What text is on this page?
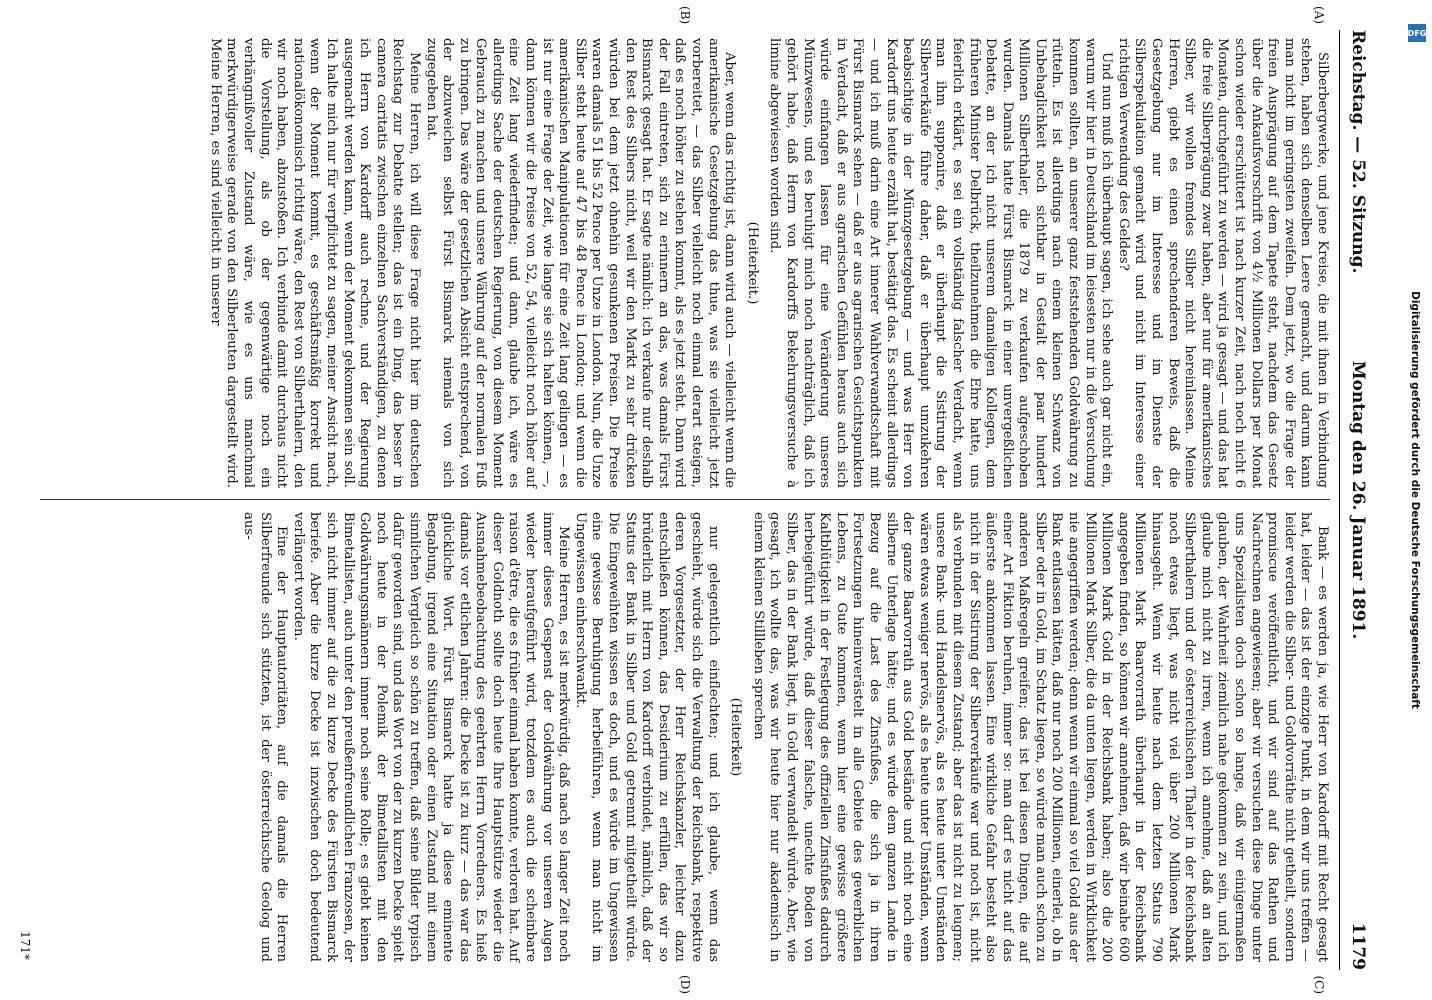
Reichstag. — 52. Sitzung.
Montag den 26. Januar 1891.
1179
(A)
(B)
(C)
(D)

Silberbergwerke, und jene Kreise, die mit ihnen in Verbindung stehen, haben sich denselben Leere gemacht, und darum kann man nicht im geringsten zweifeln. Dem jetzt, wo die Frage der freien Ausprägung auf dem Tapete steht, nachdem das Gesetz über die Ankaufsvorschrift von 4½ Millionen Dollars per Monat schon wieder erschüttert ist nach kurzer Zeit, nach noch nicht 6 Monaten, durchgeführt zu werden — wird ja gesagt — und das hat die freie Silberprägung zwar haben, aber nur für amerikanisches Silber, wir wollen fremdes Silber nicht hereinlassen. Meine Herren, giebt es einen sprechenderen Beweis, daß die Gesetzgebung nur im Interesse und im Dienste der Silberspekulation gemacht wird und nicht im Interesse einer richtigen Verwendung des Geldes?

Und nun muß ich überhaupt sagen, ich sehe auch gar nicht ein, warum wir hier in Deutschland im leisesten nur in die Versuchung kommen sollten, an unserer ganz feststehenden Goldwährung zu rütteln. Es ist allerdings nach einem kleinen Schwanz von Unbehaglichkeit noch sichtbar in Gestalt der paar hundert Millionen Silberthaler, die 1879 zu verkaufen aufgeschoben wurden. Damals hatte Fürst Bismarck in einer unvergeßlichen Debatte, an der ich nicht unserem damaligen Kollegen, dem früheren Minister Delbrück, theilzunehmen die Ehre hatte, uns feierlich erklärt, es sei ein vollständig falscher Verdacht, wenn man ihm supponire, daß er überhaupt die Sistirung der Silberverkäufe führe daher, daß er überhaupt umzukehren beabsichtige in der Münzgesetzgebung — und was Herr von Kardorff uns heute erzählt hat, bestätigt das. Es scheint allerdings — und ich muß darin eine Art innerer Wahlverwandtschaft mit Fürst Bismarck sehen — daß er aus agrarischen Gesichtspunkten in Verdacht, daß er aus agrarischen Gefühlen heraus auch sich würde einfangen lassen für eine Veränderung unseres Münzwesens, und es beruhigt mich noch nachträglich, daß ich gehört habe, daß Herrn von Kardorffs Bekehrungsversuche à limine abgewiesen worden sind.

(Heiterkeit.)

Aber, wenn das richtig ist, dann wird auch — vielleicht wenn die amerikanische Gesetzgebung das thue, was sie vielleicht jetzt vorbereitet, — das Silber vielleicht noch einmal derart steigen, daß es noch höher zu stehen kommt, als es jetzt steht. Dann wird der Fall eintreten, sich zu erinnern an das, was damals Fürst Bismarck gesagt hat. Er sagte nämlich: ich verkaufe nur deshalb den Rest des Silbers nicht, weil wir den Markt zu sehr drücken würden bei dem jetzt ohnehin gesunkenen Preisen. Die Preise waren damals 51 bis 52 Pence per Unze in London. Nun, die Unze Silber steht heute auf 47 bis 48 Pence in London; und wenn die amerikanischen Manipulationen für eine Zeit lang gelingen — es ist nur eine Frage der Zeit, wie lange sie sich halten können, —, dann können wir die Preise von 52, 54, vielleicht noch höher auf eine Zeit lang wiederfinden; und dann, glaube ich, wäre es allerdings Sache der deutschen Regierung, von diesem Moment Gebrauch zu machen und unsere Währung auf der normalen Fuß zu bringen. Das wäre der gesetzlichen Absicht entsprechend, von der abzuweichen selbst Fürst Bismarck niemals von sich zugegeben hat.

Meine Herren, ich will diese Frage nicht hier im deutschen Reichstag zur Debatte stellen; das ist ein Ding, das besser in camera caritatis zwischen einzelnen Sachverständigen, zu denen ich Herrn von Kardorff auch rechne, und der Regierung ausgemacht werden kann, wenn der Moment gekommen sein soll. Ich halte mich nur für verpflichtet zu sagen, meiner Ansicht nach, wenn der Moment kommt, es geschäftsmäßig korrekt und nationalökonomisch richtig wäre, den Rest von Silberthalern, den wir noch haben, abzustoßen. Ich verbinde damit durchaus nicht die Vorstellung, als ob der gegenwärtige noch ein verhängnißvoller Zustand wäre, wie es uns manchmal merkwürdigerweise gerade von den Silberleuten dargestellt wird. Meine Herren, es sind vielleicht in unserer

Bank — es werden ja, wie Herr von Kardorff mit Recht gesagt hat, leider — das ist der einzige Punkt, in dem wir uns treffen — leider werden die Silber- und Goldvorräthe nicht getheilt, sondern promiscue veröffentlicht, und wir sind auf das Rathen und Nachrechnen angewiesen; aber wir versuchen diese Dinge unter uns Spezialisten doch schon so lange, daß wir einigermaßen glauben, der Wahrheit ziemlich nahe gekommen zu sein, und ich glaube mich nicht zu irren, wenn ich annehme, daß an alten Silberthalern und der österreichischen Thaler in der Reichsbank noch etwas liegt, was nicht viel über 200 Millionen Mark hinausgeht. Wenn wir heute nach dem letzten Status 790 Millionen Mark Baarvorrath überhaupt in der Reichsbank angegeben finden, so können wir annehmen, daß wir beinahe 600 Millionen Mark Gold in der Reichsbank haben; also die 200 Millionen Mark Silber, die da unten liegen, werden in Wirklichkeit nie angegriffen werden; denn wenn wir einmal so viel Gold aus der Bank entlassen hätten, daß nur noch 200 Millionen, einerlei, ob in Silber oder in Gold, im Schatz liegen, so würde man auch schon zu anderen Maßregeln greifen; das ist bei diesen Dingen, die auf einer Art Fiktion beruhen, immer so: man darf es nicht auf das äußerste ankommen lassen. Eine wirkliche Gefahr besteht also nicht in der Sistirung der Silberverkäufe war und noch ist, nicht als verbunden mit diesem Zustand; aber das ist nicht zu leugnen; unsere Bank- und Handelsnervös, als es heute unter Umständen wären etwas weniger nervös, als es heute unter Umständen, wenn der ganze Baarvorrath aus Gold bestände und nicht noch eine silberne Unterlage hätte; und es würde dem ganzen Lande in Bezug auf die Last des Zinsfußes, die sich ja in ihren Fortsetzungen hineinverästelt in alle Gebiete des gewerblichen Lebens, zu Gute kommen, wenn hier eine gewisse größere Kaltblütigkeit in der Festlegung des offiziellen Zinsfußes dadurch herbeigeführt würde, daß dieser falsche, unechte Boden von Silber, das in der Bank liegt, in Gold verwandelt würde. Aber, wie gesagt, ich wollte das, was wir heute hier nur akademisch in einem kleinen Stillleben sprechen

(Heiterkeit)

nur gelegentlich einflechten; und ich glaube, wenn das geschieht, würde sich die Verwaltung der Reichsbank, respektive deren Vorgesetzter, der Herr Reichskanzler, leichter dazu entschließen können, das Desiderium zu erfüllen, das wir so brüderlich mit Herrn von Kardorff verbindet, nämlich, daß der Status der Bank in Silber und Gold getrennt mitgetheilt würde. Die Eingeweihten wissen es doch, und es würde im Ungewissen eine gewisse Beruhigung herbeiführen, wenn man nicht im Ungewissen einherschwankt.

Meine Herren, es ist merkwürdig, daß nach so langer Zeit noch immer dieses Gespenst der Goldwährung vor unseren Augen wieder heraufgeführt wird, trotzdem es auch die scheinbare raison d'être, die es früher einmal haben konnte, verloren hat. Auf dieser Goldnoth sollte doch heute Ihre Hauptstütze wieder die Ausnahmebeobachtung des geehrten Herrn Vorredners. Es hieß damals vor etlichen Jahren: die Decke ist zu kurz — das war das glückliche Wort. Fürst Bismarck hatte ja diese eminente Begabung, irgend eine Situation oder einen Zustand mit einem sinnlichen Vergleich so schön zu treffen, daß seine Bilder typisch dafür geworden sind, und das Wort von der zu kurzen Decke spielt noch heute in der Polemik der Bimetallisten mit den Goldwährungsmännern immer noch seine Rolle; es giebt keinen Bimetallisten, auch unter den preußenfreundlichen Franzosen, der sich nicht immer auf die zu kurze Decke des Fürsten Bismarck beriefe. Aber die kurze Decke ist inzwischen doch bedeutend verlängert worden.

Eine der Hauptautoritäten, auf die damals die Herren Silberfreunde sich stützten, ist der österreichische Geolog und aus-

171*
DFG
Digitalisierung gefördert durch die Deutsche Forschungsgemeinschaft
